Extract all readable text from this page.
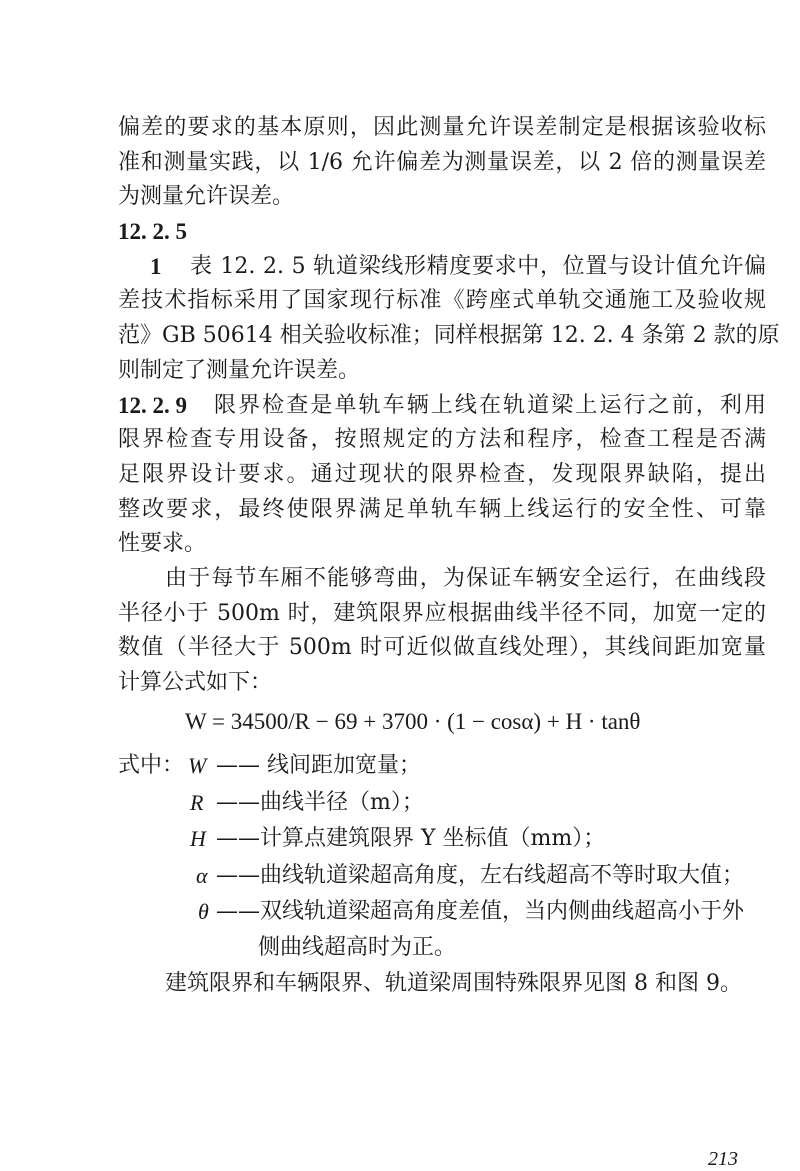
偏差的要求的基本原则，因此测量允许误差制定是根据该验收标
准和测量实践，以 1/6 允许偏差为测量误差，以 2 倍的测量误差
为测量允许误差。
12. 2. 5
1 表 12. 2. 5 轨道梁线形精度要求中，位置与设计值允许偏
差技术指标采用了国家现行标准《跨座式单轨交通施工及验收规
范》GB 50614 相关验收标准；同样根据第 12. 2. 4 条第 2 款的原
则制定了测量允许误差。
12. 2. 9 限界检查是单轨车辆上线在轨道梁上运行之前，利用
限界检查专用设备，按照规定的方法和程序，检查工程是否满
足限界设计要求。通过现状的限界检查，发现限界缺陷，提出
整改要求，最终使限界满足单轨车辆上线运行的安全性、可靠
性要求。
由于每节车厢不能够弯曲，为保证车辆安全运行，在曲线段
半径小于 500m 时，建筑限界应根据曲线半径不同，加宽一定的
数值（半径大于 500m 时可近似做直线处理），其线间距加宽量
计算公式如下：
W = 34500/R − 69 + 3700 · (1 − cosα) + H · tanθ
式中： W —— 线间距加宽量；
R ——曲线半径（m）；
H ——计算点建筑限界 Y 坐标值（mm）；
α ——曲线轨道梁超高角度，左右线超高不等时取大值；
θ ——双线轨道梁超高角度差值，当内侧曲线超高小于外
侧曲线超高时为正。
建筑限界和车辆限界、轨道梁周围特殊限界见图 8 和图 9。
213
